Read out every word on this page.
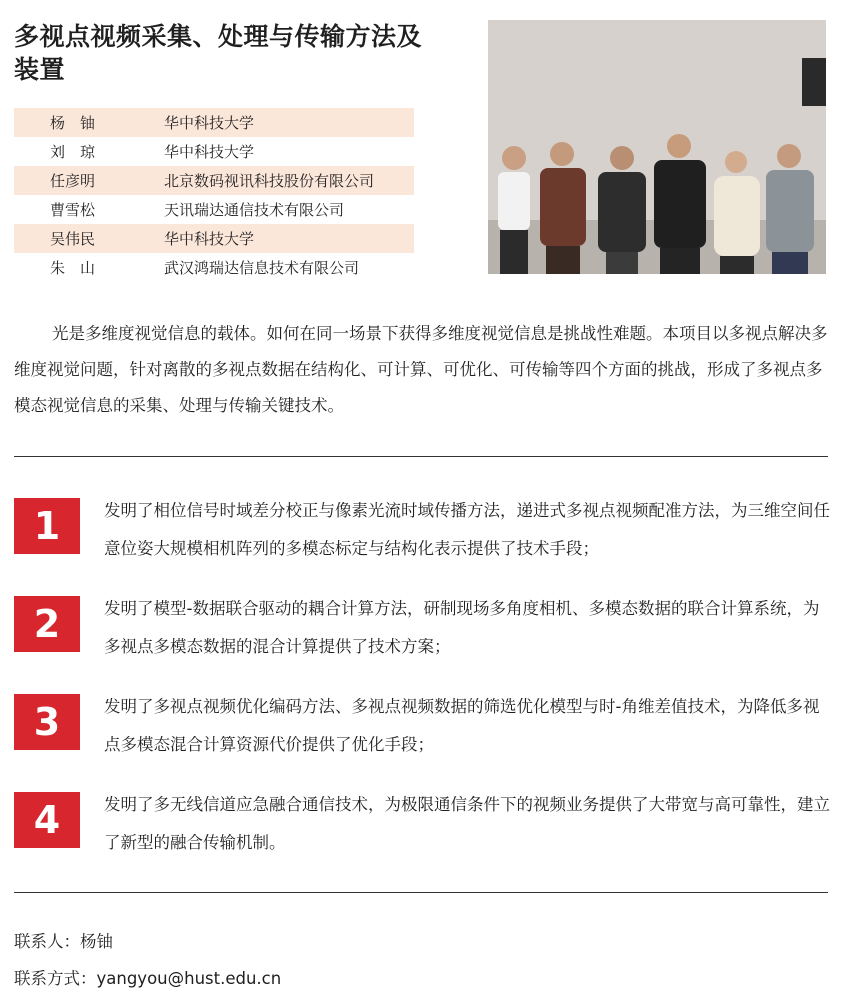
多视点视频采集、处理与传输方法及装置
杨　铀	华中科技大学
刘　琼	华中科技大学
任彦明	北京数码视讯科技股份有限公司
曹雪松	天讯瑞达通信技术有限公司
吴伟民	华中科技大学
朱　山	武汉鸿瑞达信息技术有限公司
光是多维度视觉信息的载体。如何在同一场景下获得多维度视觉信息是挑战性难题。本项目以多视点解决多维度视觉问题，针对离散的多视点数据在结构化、可计算、可优化、可传输等四个方面的挑战，形成了多视点多模态视觉信息的采集、处理与传输关键技术。
1	发明了相位信号时域差分校正与像素光流时域传播方法，递进式多视点视频配准方法，为三维空间任意位姿大规模相机阵列的多模态标定与结构化表示提供了技术手段；
2	发明了模型-数据联合驱动的耦合计算方法，研制现场多角度相机、多模态数据的联合计算系统，为多视点多模态数据的混合计算提供了技术方案；
3	发明了多视点视频优化编码方法、多视点视频数据的筛选优化模型与时-角维差值技术，为降低多视点多模态混合计算资源代价提供了优化手段；
4	发明了多无线信道应急融合通信技术，为极限通信条件下的视频业务提供了大带宽与高可靠性，建立了新型的融合传输机制。
联系人：杨铀
联系方式：yangyou@hust.edu.cn
